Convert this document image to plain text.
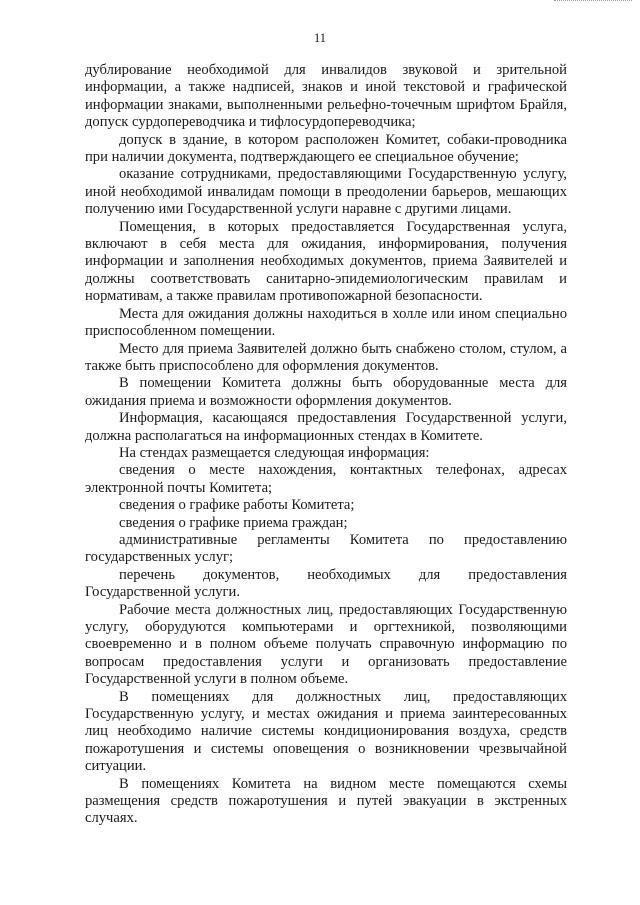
11

дублирование необходимой для инвалидов звуковой и зрительной информации, а также надписей, знаков и иной текстовой и графической информации знаками, выполненными рельефно-точечным шрифтом Брайля, допуск сурдопереводчика и тифлосурдопереводчика;

допуск в здание, в котором расположен Комитет, собаки-проводника при наличии документа, подтверждающего ее специальное обучение;

оказание сотрудниками, предоставляющими Государственную услугу, иной необходимой инвалидам помощи в преодолении барьеров, мешающих получению ими Государственной услуги наравне с другими лицами.

Помещения, в которых предоставляется Государственная услуга, включают в себя места для ожидания, информирования, получения информации и заполнения необходимых документов, приема Заявителей и должны соответствовать санитарно-эпидемиологическим правилам и нормативам, а также правилам противопожарной безопасности.

Места для ожидания должны находиться в холле или ином специально приспособленном помещении.

Место для приема Заявителей должно быть снабжено столом, стулом, а также быть приспособлено для оформления документов.

В помещении Комитета должны быть оборудованные места для ожидания приема и возможности оформления документов.

Информация, касающаяся предоставления Государственной услуги, должна располагаться на информационных стендах в Комитете.

На стендах размещается следующая информация:

сведения о месте нахождения, контактных телефонах, адресах электронной почты Комитета;

сведения о графике работы Комитета;

сведения о графике приема граждан;

административные регламенты Комитета по предоставлению государственных услуг;

перечень документов, необходимых для предоставления Государственной услуги.

Рабочие места должностных лиц, предоставляющих Государственную услугу, оборудуются компьютерами и оргтехникой, позволяющими своевременно и в полном объеме получать справочную информацию по вопросам предоставления услуги и организовать предоставление Государственной услуги в полном объеме.

В помещениях для должностных лиц, предоставляющих Государственную услугу, и местах ожидания и приема заинтересованных лиц необходимо наличие системы кондиционирования воздуха, средств пожаротушения и системы оповещения о возникновении чрезвычайной ситуации.

В помещениях Комитета на видном месте помещаются схемы размещения средств пожаротушения и путей эвакуации в экстренных случаях.
